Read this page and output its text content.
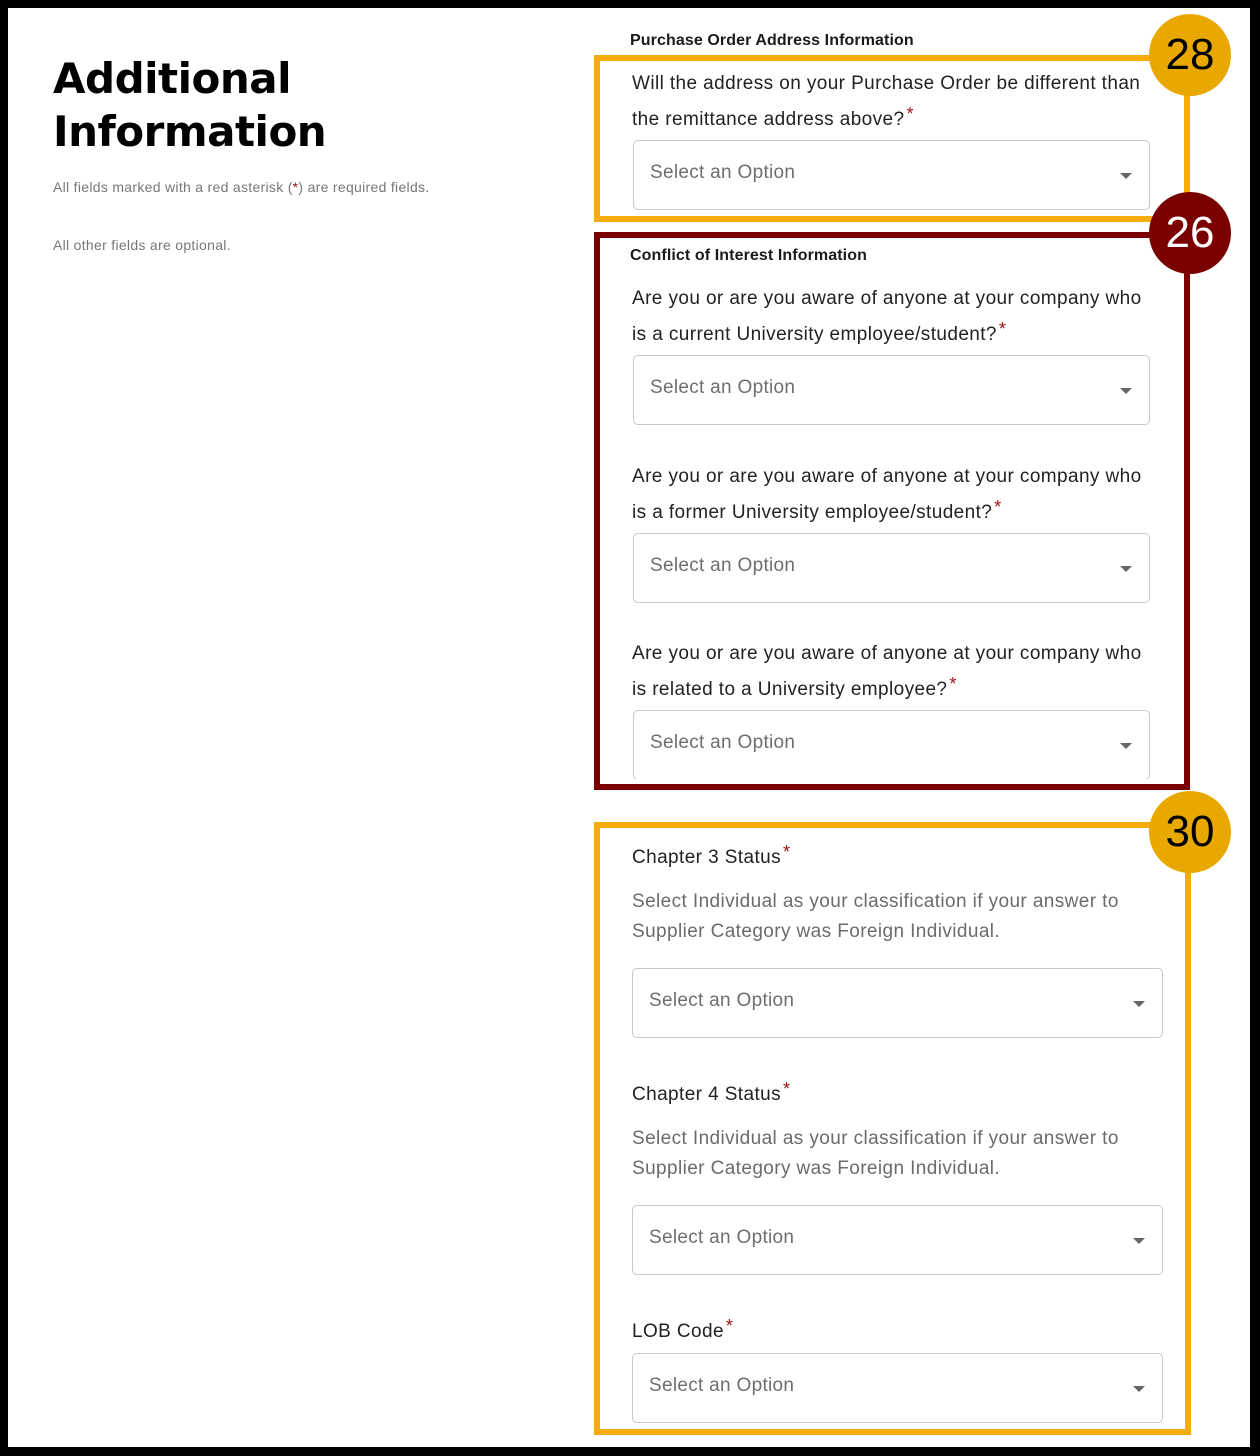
Additional
Information

All fields marked with a red asterisk (*) are required fields.

All other fields are optional.

Purchase Order Address Information
Will the address on your Purchase Order be different than the remittance address above? *
Select an Option
Conflict of Interest Information
Are you or are you aware of anyone at your company who is a current University employee/student? *
Select an Option
Are you or are you aware of anyone at your company who is a former University employee/student? *
Select an Option
Are you or are you aware of anyone at your company who is related to a University employee? *
Select an Option
Chapter 3 Status *
Select Individual as your classification if your answer to Supplier Category was Foreign Individual.
Select an Option
Chapter 4 Status *
Select Individual as your classification if your answer to Supplier Category was Foreign Individual.
Select an Option
LOB Code *
Select an Option
28
26
30
